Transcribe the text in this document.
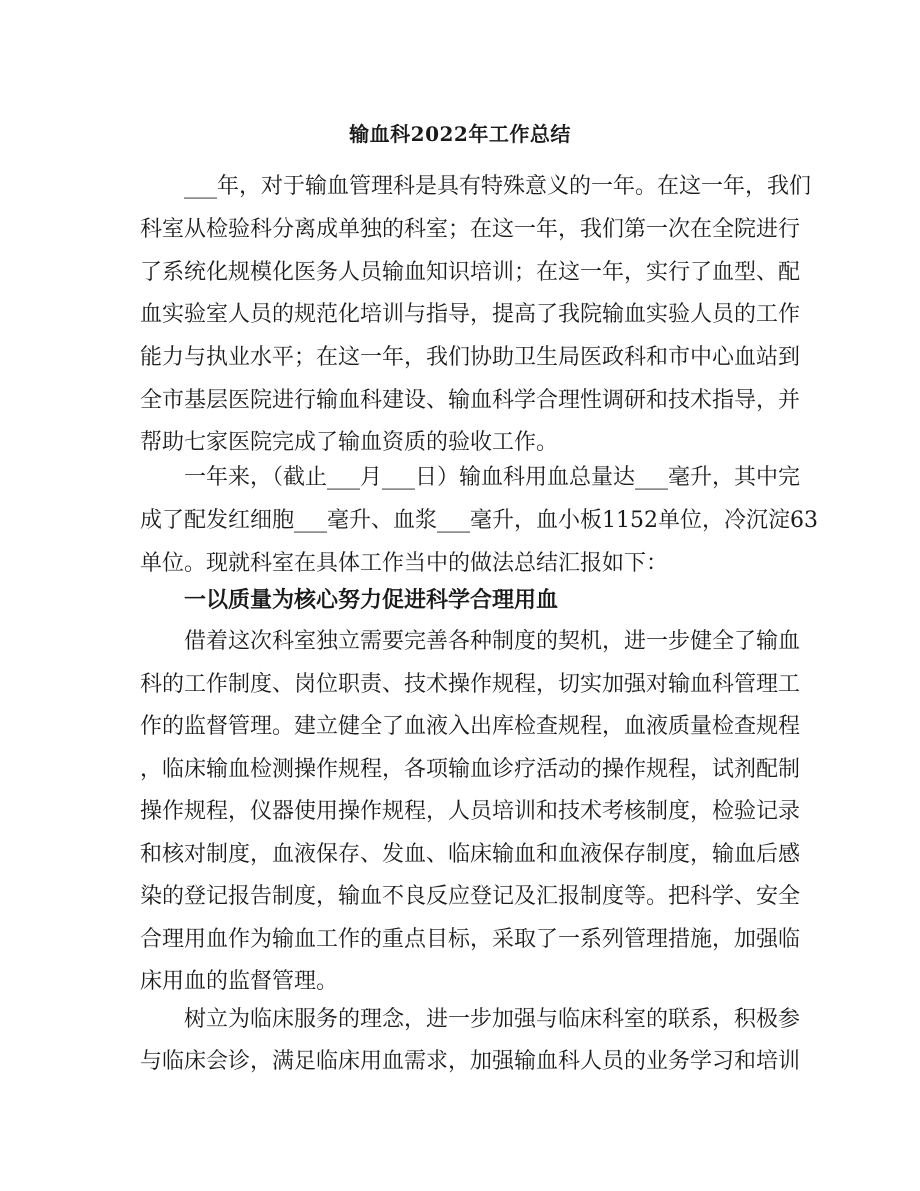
输血科2022年工作总结
___年，对于输血管理科是具有特殊意义的一年。在这一年，我们
科室从检验科分离成单独的科室；在这一年，我们第一次在全院进行
了系统化规模化医务人员输血知识培训；在这一年，实行了血型、配
血实验室人员的规范化培训与指导，提高了我院输血实验人员的工作
能力与执业水平；在这一年，我们协助卫生局医政科和市中心血站到
全市基层医院进行输血科建设、输血科学合理性调研和技术指导，并
帮助七家医院完成了输血资质的验收工作。
一年来，（截止___月___日）输血科用血总量达___毫升，其中完
成了配发红细胞___毫升、血浆___毫升，血小板1152单位，冷沉淀63
单位。现就科室在具体工作当中的做法总结汇报如下：
一以质量为核心努力促进科学合理用血
借着这次科室独立需要完善各种制度的契机，进一步健全了输血
科的工作制度、岗位职责、技术操作规程，切实加强对输血科管理工
作的监督管理。建立健全了血液入出库检查规程，血液质量检查规程
，临床输血检测操作规程，各项输血诊疗活动的操作规程，试剂配制
操作规程，仪器使用操作规程，人员培训和技术考核制度，检验记录
和核对制度，血液保存、发血、临床输血和血液保存制度，输血后感
染的登记报告制度，输血不良反应登记及汇报制度等。把科学、安全
合理用血作为输血工作的重点目标，采取了一系列管理措施，加强临
床用血的监督管理。
树立为临床服务的理念，进一步加强与临床科室的联系，积极参
与临床会诊，满足临床用血需求，加强输血科人员的业务学习和培训
